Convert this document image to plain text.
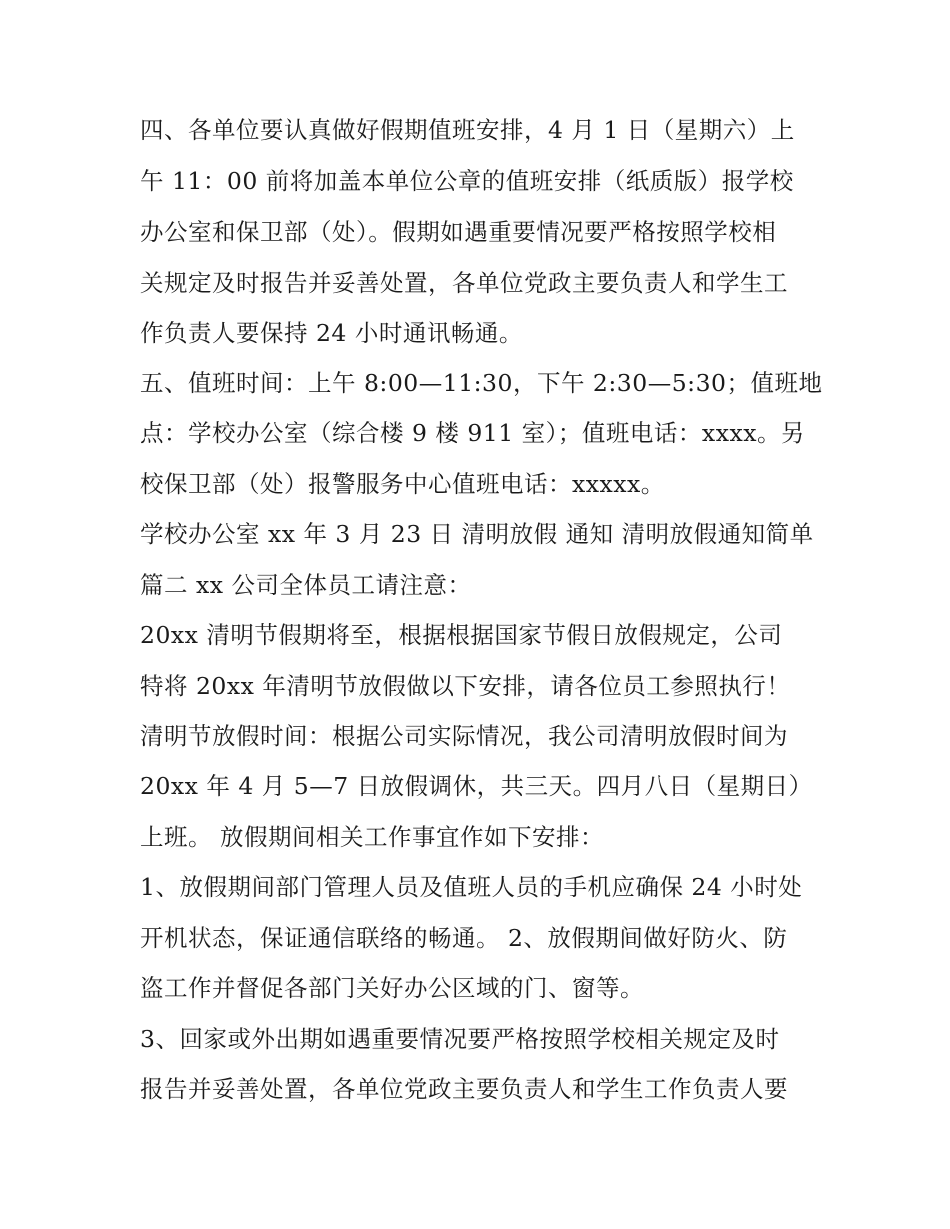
四、各单位要认真做好假期值班安排，4 月 1 日（星期六）上
午 11：00 前将加盖本单位公章的值班安排（纸质版）报学校
办公室和保卫部（处）。假期如遇重要情况要严格按照学校相
关规定及时报告并妥善处置，各单位党政主要负责人和学生工
作负责人要保持 24 小时通讯畅通。
五、值班时间：上午 8:00—11:30，下午 2:30—5:30；值班地
点：学校办公室（综合楼 9 楼 911 室）；值班电话：xxxx。另
校保卫部（处）报警服务中心值班电话：xxxxx。
学校办公室 xx 年 3 月 23 日 清明放假 通知 清明放假通知简单
篇二 xx 公司全体员工请注意：
20xx 清明节假期将至，根据根据国家节假日放假规定，公司
特将 20xx 年清明节放假做以下安排，请各位员工参照执行！
清明节放假时间：根据公司实际情况，我公司清明放假时间为
20xx 年 4 月 5—7 日放假调休，共三天。四月八日（星期日）
上班。 放假期间相关工作事宜作如下安排：
1、放假期间部门管理人员及值班人员的手机应确保 24 小时处
开机状态，保证通信联络的畅通。 2、放假期间做好防火、防
盗工作并督促各部门关好办公区域的门、窗等。
3、回家或外出期如遇重要情况要严格按照学校相关规定及时
报告并妥善处置，各单位党政主要负责人和学生工作负责人要
